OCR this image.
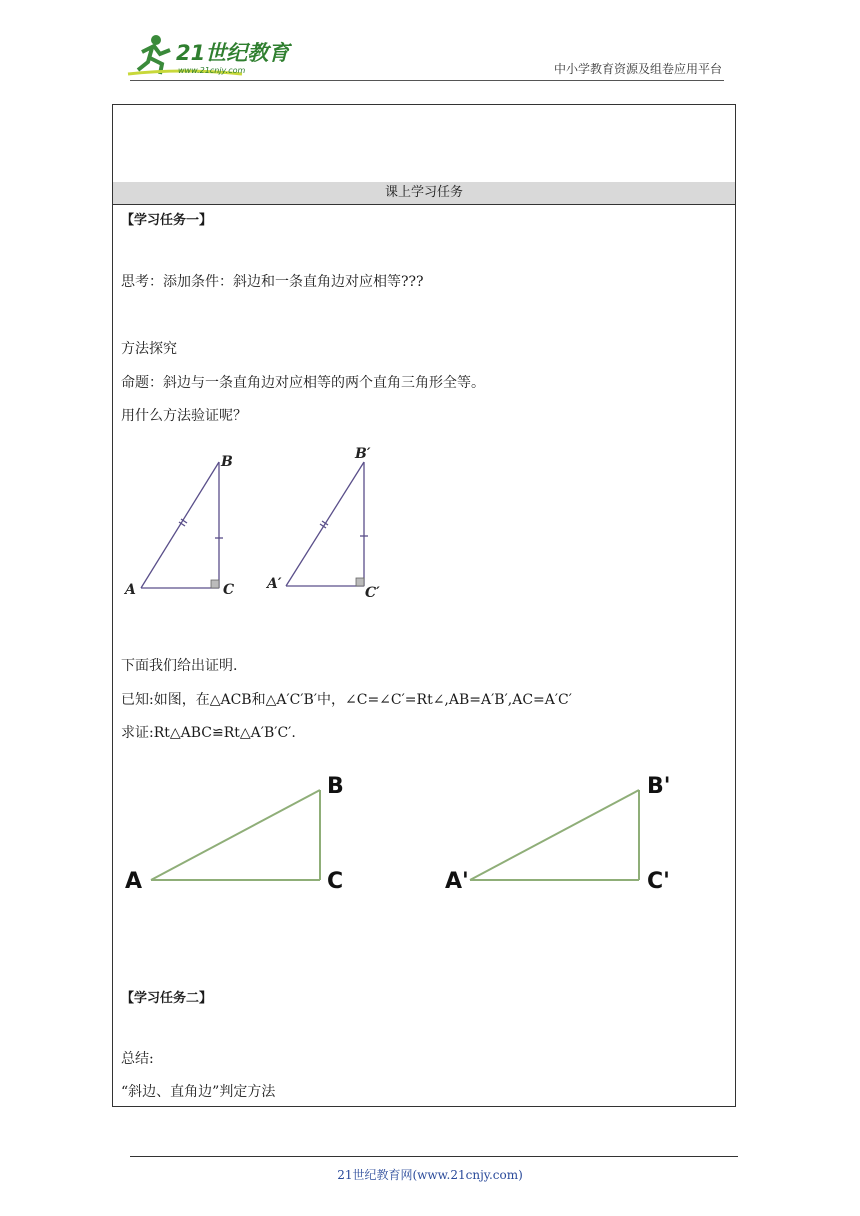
21世纪教育
www.21cnjy.com	中小学教育资源及组卷应用平台
课上学习任务
【学习任务一】
思考：添加条件：斜边和一条直角边对应相等???
方法探究
命题：斜边与一条直角边对应相等的两个直角三角形全等。
用什么方法验证呢？
A
B
C A′
B′
C′
下面我们给出证明.
已知:如图，在△ACB和△A′C′B′中，∠C=∠C′=Rt∠,AB=A′B′,AC=A′C′
求证:Rt△ABC≌Rt△A′B′C′.
A
B
C	A'
B'
C'
【学习任务二】
总结:
“斜边、直角边”判定方法
21世纪教育网(www.21cnjy.com)
